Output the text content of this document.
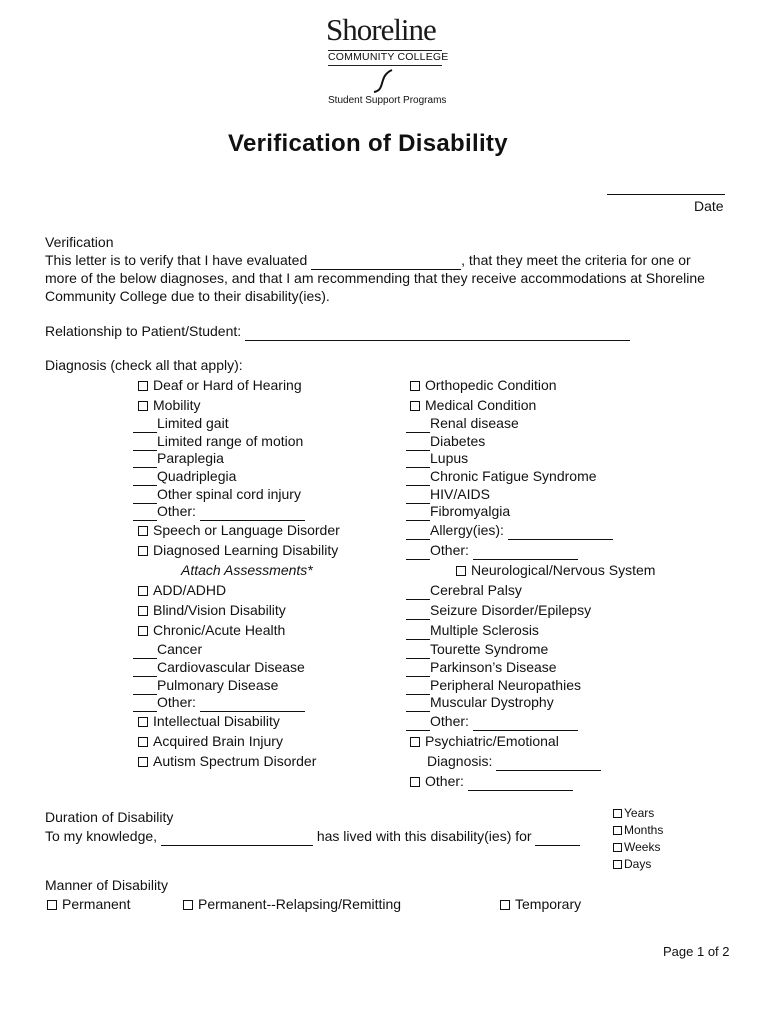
Shoreline
COMMUNITY COLLEGE
Student Support Programs
Verification of Disability
Date
Verification
This letter is to verify that I have evaluated	, that they meet the criteria for one or
more of the below diagnoses, and that I am recommending that they receive accommodations at Shoreline
Community College due to their disability(ies).
Relationship to Patient/Student:
Diagnosis (check all that apply):
Deaf or Hard of Hearing
Mobility
Limited gait
Limited range of motion
Paraplegia
Quadriplegia
Other spinal cord injury
Other:
Speech or Language Disorder
Diagnosed Learning Disability
Attach Assessments*
ADD/ADHD
Blind/Vision Disability
Chronic/Acute Health
Cancer
Cardiovascular Disease
Pulmonary Disease
Other:
Intellectual Disability
Acquired Brain Injury
Autism Spectrum Disorder
Orthopedic Condition
Medical Condition
Renal disease
Diabetes
Lupus
Chronic Fatigue Syndrome
HIV/AIDS
Fibromyalgia
Allergy(ies):
Other:
Neurological/Nervous System
Cerebral Palsy
Seizure Disorder/Epilepsy
Multiple Sclerosis
Tourette Syndrome
Parkinson’s Disease
Peripheral Neuropathies
Muscular Dystrophy
Other:
Psychiatric/Emotional
Diagnosis:
Other:
Duration of Disability
To my knowledge,	has lived with this disability(ies) for
Years
Months
Weeks
Days
Manner of Disability
Permanent	Permanent--Relapsing/Remitting	Temporary
Page 1 of 2
